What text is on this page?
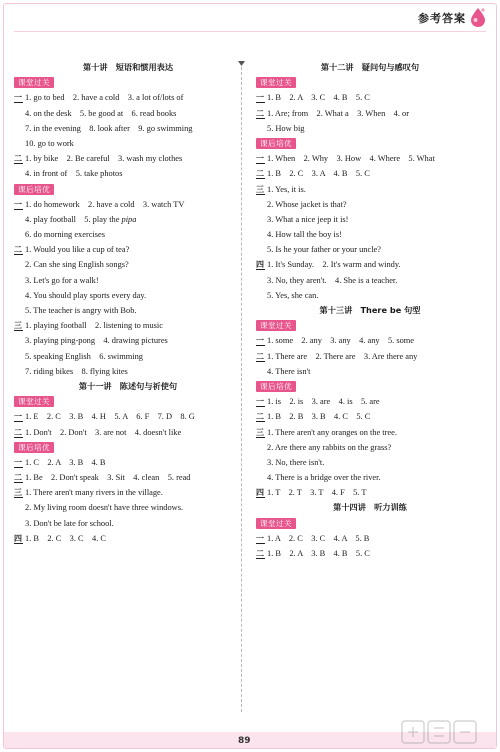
参考答案
第十讲　短语和惯用表达
课堂过关
一 1. go to bed　2. have a cold　3. a lot of/lots of
4. on the desk　5. be good at　6. read books
7. in the evening　8. look after　9. go swimming
10. go to work
二 1. by bike　2. Be careful　3. wash my clothes
4. in front of　5. take photos
课后培优
一 1. do homework　2. have a cold　3. watch TV
4. play football　5. play the pipa
6. do morning exercises
二 1. Would you like a cup of tea?
2. Can she sing English songs?
3. Let's go for a walk!
4. You should play sports every day.
5. The teacher is angry with Bob.
三 1. playing football　2. listening to music
3. playing ping-pong　4. drawing pictures
5. speaking English　6. swimming
7. riding bikes　8. flying kites
第十一讲　陈述句与祈使句
课堂过关
一 1. E　2. C　3. B　4. H　5. A　6. F　7. D　8. G
二 1. Don't　2. Don't　3. are not　4. doesn't like
课后培优
一 1. C　2. A　3. B　4. B
二 1. Be　2. Don't speak　3. Sit　4. clean　5. read
三 1. There aren't many rivers in the village.
2. My living room doesn't have three windows.
3. Don't be late for school.
四 1. B　2. C　3. C　4. C
第十二讲　疑问句与感叹句
课堂过关
一 1. B　2. A　3. C　4. B　5. C
二 1. Are; from　2. What a　3. When　4. or
5. How big
课后培优
一 1. When　2. Why　3. How　4. Where　5. What
二 1. B　2. C　3. A　4. B　5. C
三 1. Yes, it is.
2. Whose jacket is that?
3. What a nice jeep it is!
4. How tall the boy is!
5. Is he your father or your uncle?
四 1. It's Sunday.　2. It's warm and windy.
3. No, they aren't.　4. She is a teacher.
5. Yes, she can.
第十三讲　There be 句型
课堂过关
一 1. some　2. any　3. any　4. any　5. some
二 1. There are　2. There are　3. Are there any
4. There isn't
课后培优
一 1. is　2. is　3. are　4. is　5. are
二 1. B　2. B　3. B　4. C　5. C
三 1. There aren't any oranges on the tree.
2. Are there any rabbits on the grass?
3. No, there isn't.
4. There is a bridge over the river.
四 1. T　2. T　3. T　4. F　5. T
第十四讲　听力训练
课堂过关
一 1. A　2. C　3. C　4. A　5. B
二 1. B　2. A　3. B　4. B　5. C

89
